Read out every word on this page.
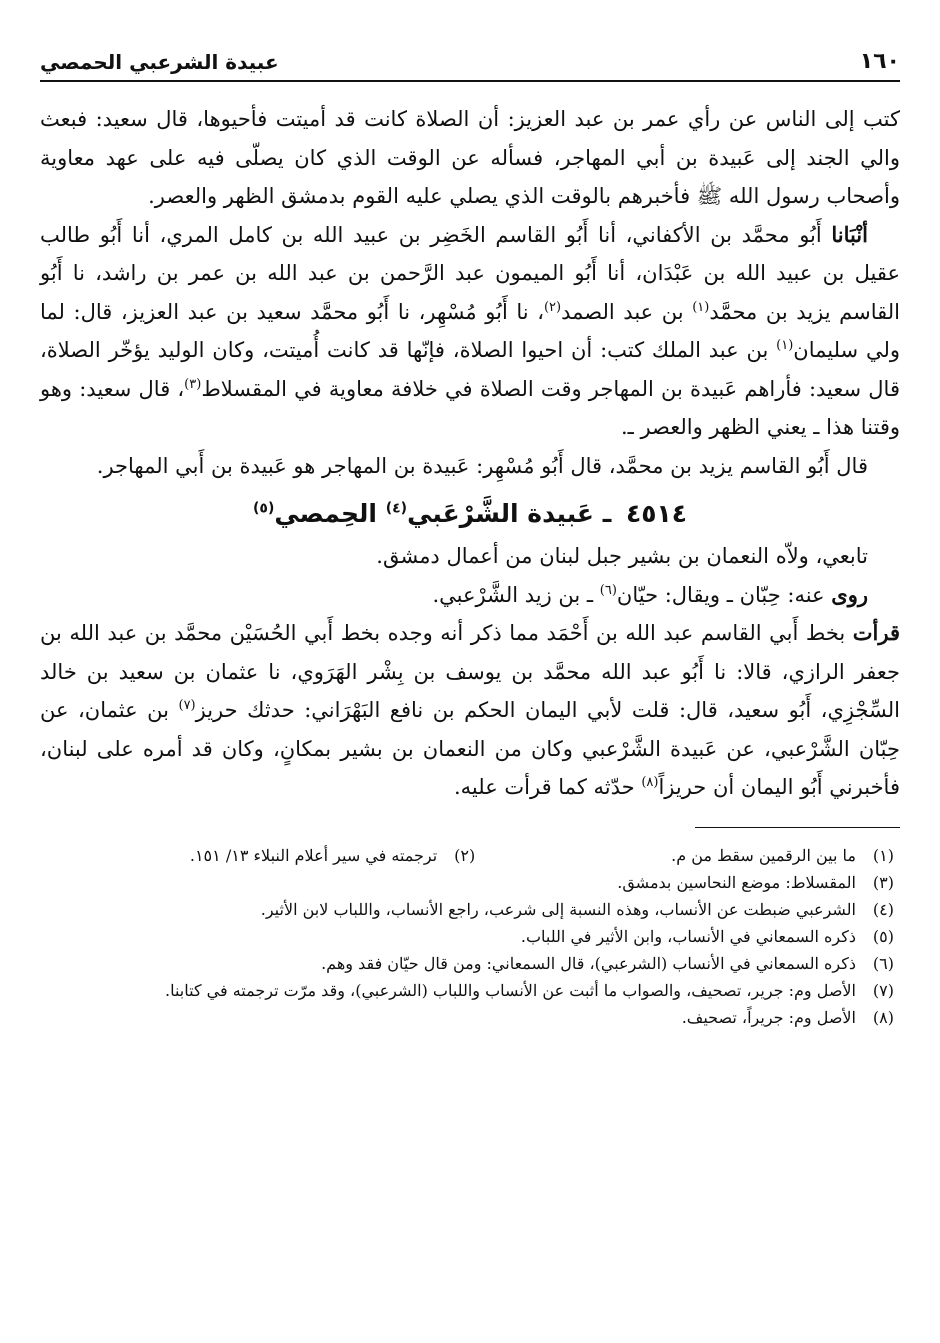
١٦٠
عبيدة الشرعبي الحمصي

كتب إلى الناس عن رأي عمر بن عبد العزيز: أن الصلاة كانت قد أميتت فأحيوها، قال سعيد: فبعث والي الجند إلى عَبيدة بن أبي المهاجر، فسأله عن الوقت الذي كان يصلّى فيه على عهد معاوية وأصحاب رسول الله ﷺ فأخبرهم بالوقت الذي يصلي عليه القوم بدمشق الظهر والعصر.

أنْبَانا أَبُو محمَّد بن الأكفاني، أنا أَبُو القاسم الخَضِر بن عبيد الله بن كامل المري، أنا أَبُو طالب عقيل بن عبيد الله بن عَبْدَان، أنا أَبُو الميمون عبد الرَّحمن بن عبد الله بن عمر بن راشد، نا أَبُو القاسم يزيد بن محمَّد$^{(١)}$ بن عبد الصمد$^{(٢)}$، نا أَبُو مُسْهِر، نا أَبُو محمَّد سعيد بن عبد العزيز، قال: لما ولي سليمان$^{(١)}$ بن عبد الملك كتب: أن احيوا الصلاة، فإنّها قد كانت أُميتت، وكان الوليد يؤخّر الصلاة، قال سعيد: فأراهم عَبيدة بن المهاجر وقت الصلاة في خلافة معاوية في المقسلاط$^{(٣)}$، قال سعيد: وهو وقتنا هذا ـ يعني الظهر والعصر ـ.

قال أَبُو القاسم يزيد بن محمَّد، قال أَبُو مُسْهِر: عَبيدة بن المهاجر هو عَبيدة بن أَبي المهاجر.

٤٥١٤ ـ عَبيدة الشَّرْعَبي$^{(٤)}$ الحِمصي$^{(٥)}$

تابعي، ولاّه النعمان بن بشير جبل لبنان من أعمال دمشق.

روى عنه: حِبّان ـ ويقال: حيّان$^{(٦)}$ ـ بن زيد الشَّرْعبي.

قرأت بخط أَبي القاسم عبد الله بن أَحْمَد مما ذكر أنه وجده بخط أَبي الحُسَيْن محمَّد بن عبد الله بن جعفر الرازي، قالا: نا أَبُو عبد الله محمَّد بن يوسف بن بِشْر الهَرَوي، نا عثمان بن سعيد بن خالد السِّجْزِي، أَبُو سعيد، قال: قلت لأبي اليمان الحكم بن نافع البَهْرَاني: حدثك حريز$^{(٧)}$ بن عثمان، عن حِبّان الشَّرْعبي، عن عَبيدة الشَّرْعبي وكان من النعمان بن بشير بمكانٍ، وكان قد أمره على لبنان، فأخبرني أَبُو اليمان أن حريزاً$^{(٨)}$ حدّثه كما قرأت عليه.

(١)
ما بين الرقمين سقط من م.
(٢)
ترجمته في سير أعلام النبلاء ١٣/ ١٥١.
(٣)
المقسلاط: موضع النحاسين بدمشق.
(٤)
الشرعبي ضبطت عن الأنساب، وهذه النسبة إلى شرعب، راجع الأنساب، واللباب لابن الأثير.
(٥)
ذكره السمعاني في الأنساب، وابن الأثير في اللباب.
(٦)
ذكره السمعاني في الأنساب (الشرعبي)، قال السمعاني: ومن قال حيّان فقد وهم.
(٧)
الأصل وم: جرير، تصحيف، والصواب ما أثبت عن الأنساب واللباب (الشرعبي)، وقد مرّت ترجمته في كتابنا.
(٨)
الأصل وم: جريراً، تصحيف.
